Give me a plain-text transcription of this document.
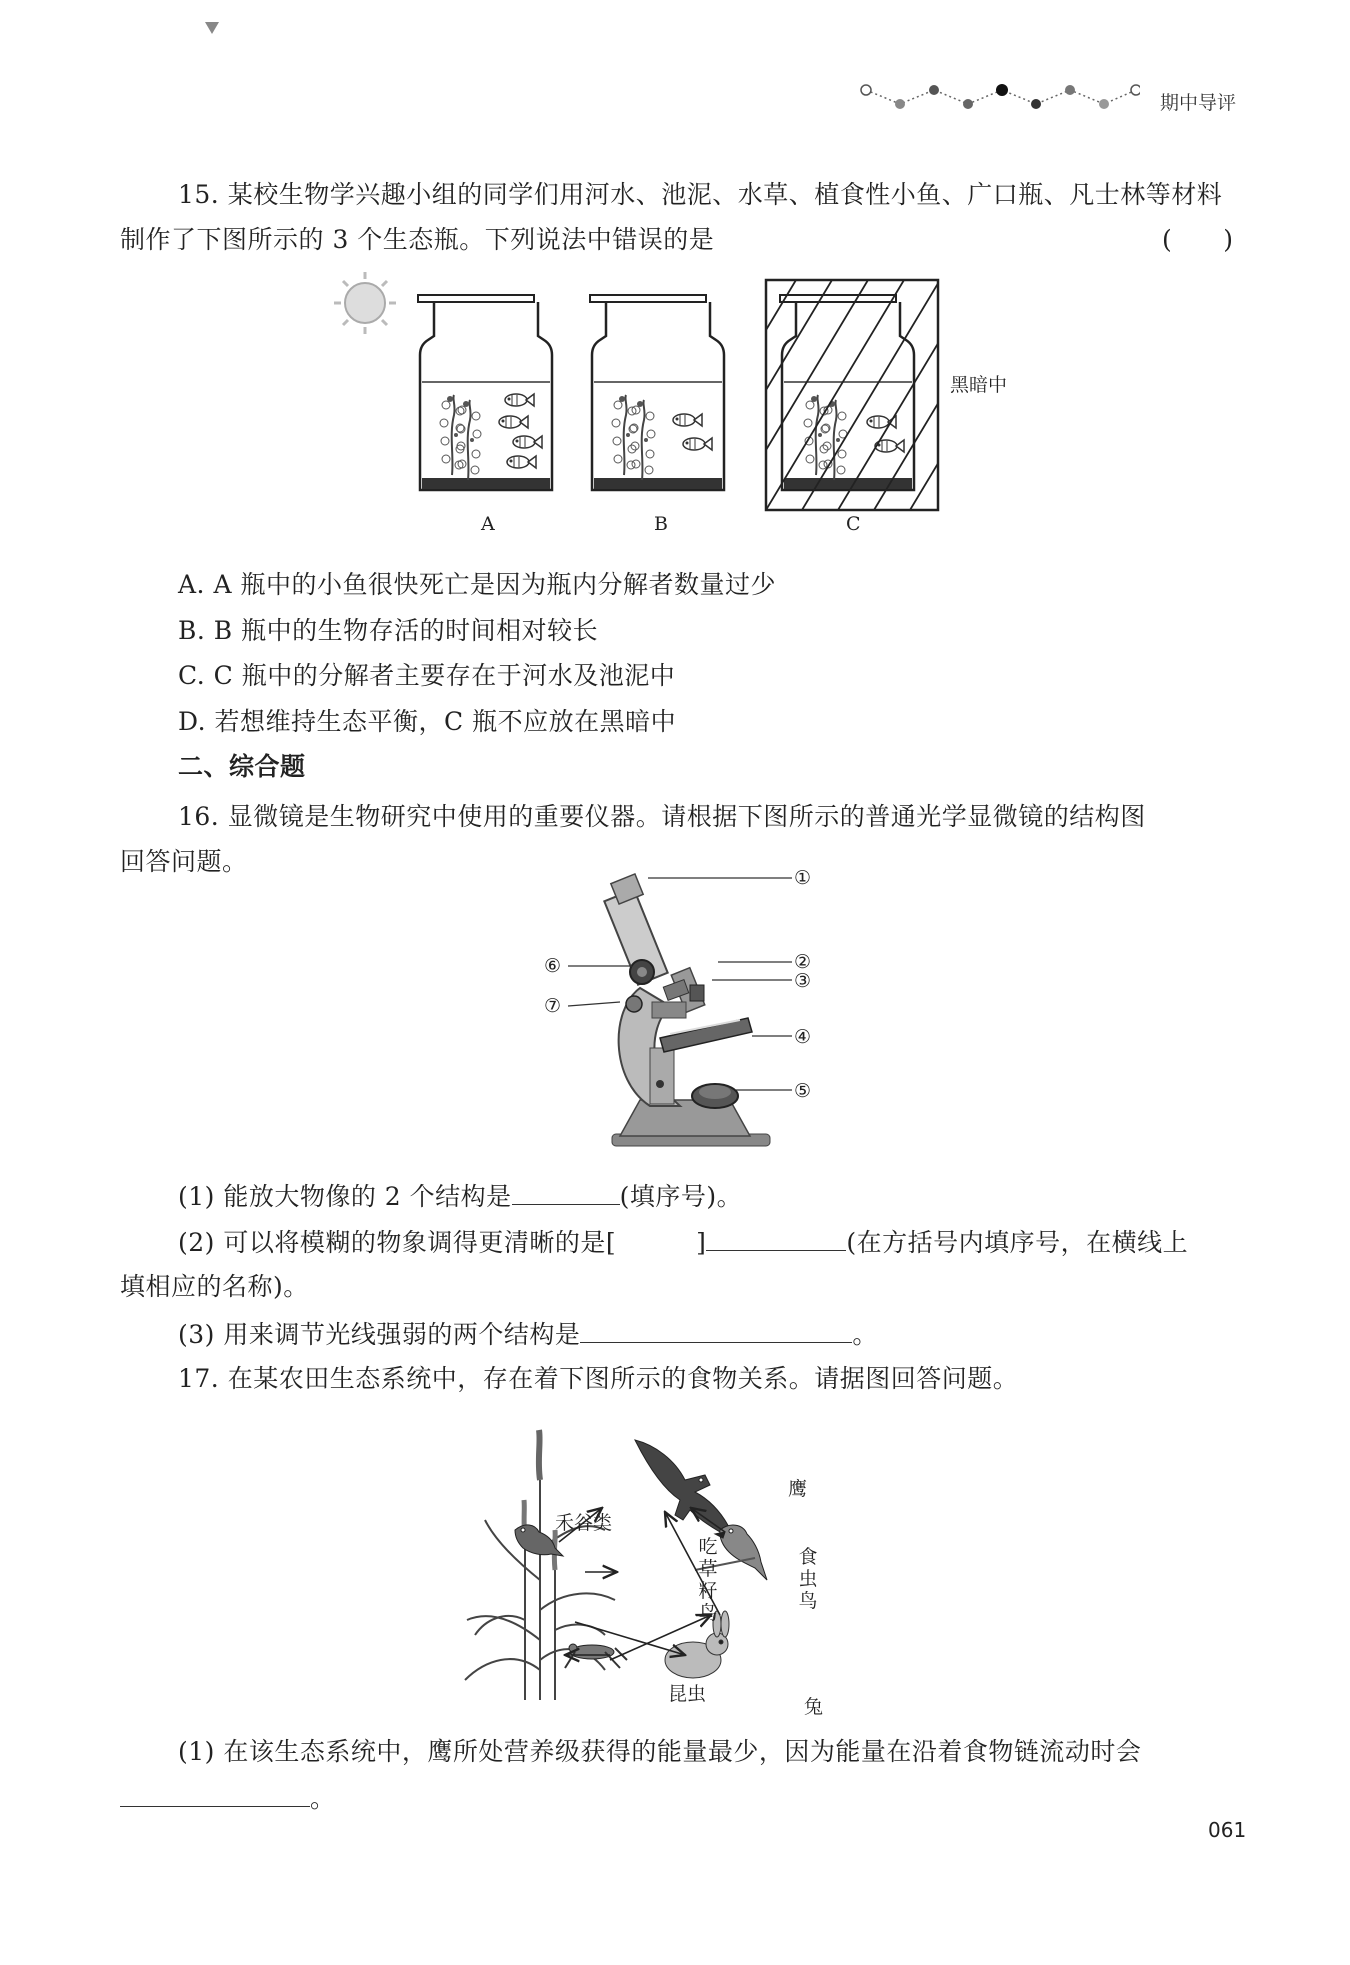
期中导评
15. 某校生物学兴趣小组的同学们用河水、池泥、水草、植食性小鱼、广口瓶、凡士林等材料
制作了下图所示的 3 个生态瓶。下列说法中错误的是	(　　)
A	B	C
黑暗中
A. A 瓶中的小鱼很快死亡是因为瓶内分解者数量过少
B. B 瓶中的生物存活的时间相对较长
C. C 瓶中的分解者主要存在于河水及池泥中
D. 若想维持生态平衡，C 瓶不应放在黑暗中
二、综合题
16. 显微镜是生物研究中使用的重要仪器。请根据下图所示的普通光学显微镜的结构图
回答问题。
①
②
③
④
⑤
⑥
⑦
(1) 能放大物像的 2 个结构是	(填序号)。
(2) 可以将模糊的物象调得更清晰的是[	]	(在方括号内填序号，在横线上
填相应的名称)。
(3) 用来调节光线强弱的两个结构是	。
17. 在某农田生态系统中，存在着下图所示的食物关系。请据图回答问题。
禾谷类
鹰
吃草籽鸟
食虫鸟
昆虫
兔
(1) 在该生态系统中，鹰所处营养级获得的能量最少，因为能量在沿着食物链流动时会
。
061
